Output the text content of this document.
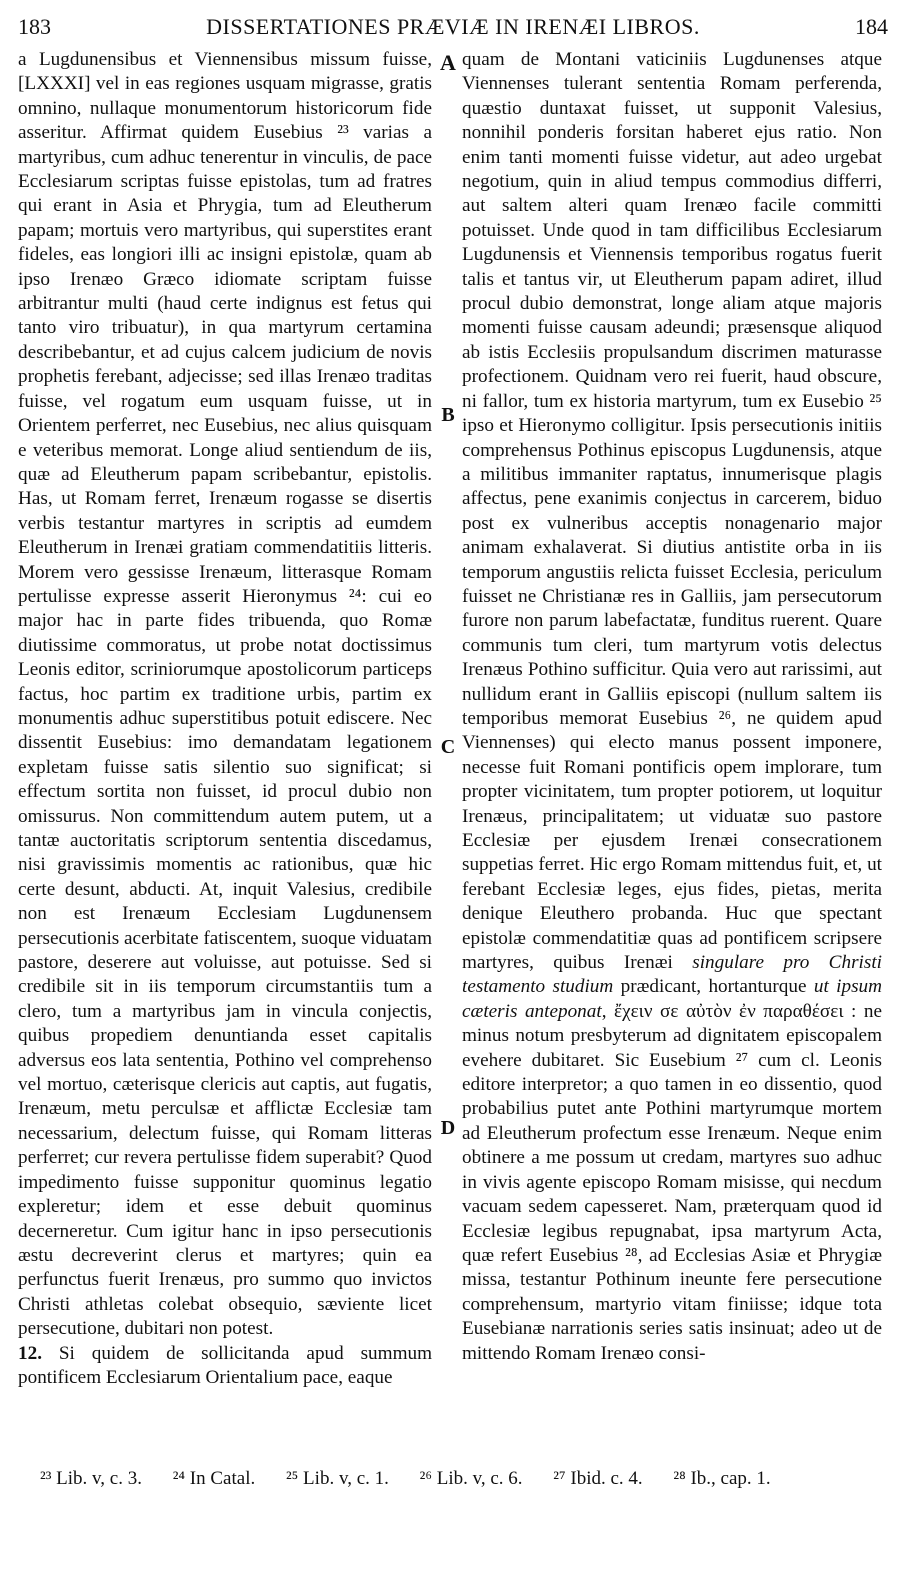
183	DISSERTATIONES PRÆVIÆ IN IRENÆI LIBROS.	184

a Lugdunensibus et Viennensibus missum fuisse, [LXXXI] vel in eas regiones usquam migrasse, gratis omnino, nullaque monumentorum historicorum fide asseritur. Affirmat quidem Eusebius ²³ varias a martyribus, cum adhuc tenerentur in vinculis, de pace Ecclesiarum scriptas fuisse epistolas, tum ad fratres qui erant in Asia et Phrygia, tum ad Eleutherum papam; mortuis vero martyribus, qui superstites erant fideles, eas longiori illi ac insigni epistolæ, quam ab ipso Irenæo Græco idiomate scriptam fuisse arbitrantur multi (haud certe indignus est fetus qui tanto viro tribuatur), in qua martyrum certamina describebantur, et ad cujus calcem judicium de novis prophetis ferebant, adjecisse; sed illas Irenæo traditas fuisse, vel rogatum eum usquam fuisse, ut in Orientem perferret, nec Eusebius, nec alius quisquam e veteribus memorat. Longe aliud sentiendum de iis, quæ ad Eleutherum papam scribebantur, epistolis. Has, ut Romam ferret, Irenæum rogasse se disertis verbis testantur martyres in scriptis ad eumdem Eleutherum in Irenæi gratiam commendatitiis litteris. Morem vero gessisse Irenæum, litterasque Romam pertulisse expresse asserit Hieronymus ²⁴: cui eo major hac in parte fides tribuenda, quo Romæ diutissime commoratus, ut probe notat doctissimus Leonis editor, scriniorumque apostolicorum particeps factus, hoc partim ex traditione urbis, partim ex monumentis adhuc superstitibus potuit ediscere. Nec dissentit Eusebius: imo demandatam legationem expletam fuisse satis silentio suo significat; si effectum sortita non fuisset, id procul dubio non omissurus. Non committendum autem putem, ut a tantæ auctoritatis scriptorum sententia discedamus, nisi gravissimis momentis ac rationibus, quæ hic certe desunt, abducti. At, inquit Valesius, credibile non est Irenæum Ecclesiam Lugdunensem persecutionis acerbitate fatiscentem, suoque viduatam pastore, deserere aut voluisse, aut potuisse. Sed si credibile sit in iis temporum circumstantiis tum a clero, tum a martyribus jam in vincula conjectis, quibus propediem denuntianda esset capitalis adversus eos lata sententia, Pothino vel comprehenso vel mortuo, cæterisque clericis aut captis, aut fugatis, Irenæum, metu perculsæ et afflictæ Ecclesiæ tam necessarium, delectum fuisse, qui Romam litteras perferret; cur revera pertulisse fidem superabit? Quod impedimento fuisse supponitur quominus legatio expleretur; idem et esse debuit quominus decerneretur. Cum igitur hanc in ipso persecutionis æstu decreverint clerus et martyres; quin ea perfunctus fuerit Irenæus, pro summo quo invictos Christi athletas colebat obsequio, sæviente licet persecutione, dubitari non potest.

12. Si quidem de sollicitanda apud summum pontificem Ecclesiarum Orientalium pace, eaque

A
B
C
D

quam de Montani vaticiniis Lugdunenses atque Viennenses tulerant sententia Romam perferenda, quæstio duntaxat fuisset, ut supponit Valesius, nonnihil ponderis forsitan haberet ejus ratio. Non enim tanti momenti fuisse videtur, aut adeo urgebat negotium, quin in aliud tempus commodius differri, aut saltem alteri quam Irenæo facile committi potuisset. Unde quod in tam difficilibus Ecclesiarum Lugdunensis et Viennensis temporibus rogatus fuerit talis et tantus vir, ut Eleutherum papam adiret, illud procul dubio demonstrat, longe aliam atque majoris momenti fuisse causam adeundi; præsensque aliquod ab istis Ecclesiis propulsandum discrimen maturasse profectionem. Quidnam vero rei fuerit, haud obscure, ni fallor, tum ex historia martyrum, tum ex Eusebio ²⁵ ipso et Hieronymo colligitur. Ipsis persecutionis initiis comprehensus Pothinus episcopus Lugdunensis, atque a militibus immaniter raptatus, innumerisque plagis affectus, pene exanimis conjectus in carcerem, biduo post ex vulneribus acceptis nonagenario major animam exhalaverat. Si diutius antistite orba in iis temporum angustiis relicta fuisset Ecclesia, periculum fuisset ne Christianæ res in Galliis, jam persecutorum furore non parum labefactatæ, funditus ruerent. Quare communis tum cleri, tum martyrum votis delectus Irenæus Pothino sufficitur. Quia vero aut rarissimi, aut nullidum erant in Galliis episcopi (nullum saltem iis temporibus memorat Eusebius ²⁶, ne quidem apud Viennenses) qui electo manus possent imponere, necesse fuit Romani pontificis opem implorare, tum propter vicinitatem, tum propter potiorem, ut loquitur Irenæus, principalitatem; ut viduatæ suo pastore Ecclesiæ per ejusdem Irenæi consecrationem suppetias ferret. Hic ergo Romam mittendus fuit, et, ut ferebant Ecclesiæ leges, ejus fides, pietas, merita denique Eleuthero probanda. Huc que spectant epistolæ commendatitiæ quas ad pontificem scripsere martyres, quibus Irenæi singulare pro Christi testamento studium prædicant, hortanturque ut ipsum cæteris anteponat, ἔχειν σε αὐτὸν ἐν παραθέσει : ne minus notum presbyterum ad dignitatem episcopalem evehere dubitaret. Sic Eusebium ²⁷ cum cl. Leonis editore interpretor; a quo tamen in eo dissentio, quod probabilius putet ante Pothini martyrumque mortem ad Eleutherum profectum esse Irenæum. Neque enim obtinere a me possum ut credam, martyres suo adhuc in vivis agente episcopo Romam misisse, qui necdum vacuam sedem capesseret. Nam, præterquam quod id Ecclesiæ legibus repugnabat, ipsa martyrum Acta, quæ refert Eusebius ²⁸, ad Ecclesias Asiæ et Phrygiæ missa, testantur Pothinum ineunte fere persecutione comprehensum, martyrio vitam finiisse; idque tota Eusebianæ narrationis series satis insinuat; adeo ut de mittendo Romam Irenæo consi-

²³ Lib. v, c. 3. ²⁴ In Catal. ²⁵ Lib. v, c. 1. ²⁶ Lib. v, c. 6. ²⁷ Ibid. c. 4. ²⁸ Ib., cap. 1.
